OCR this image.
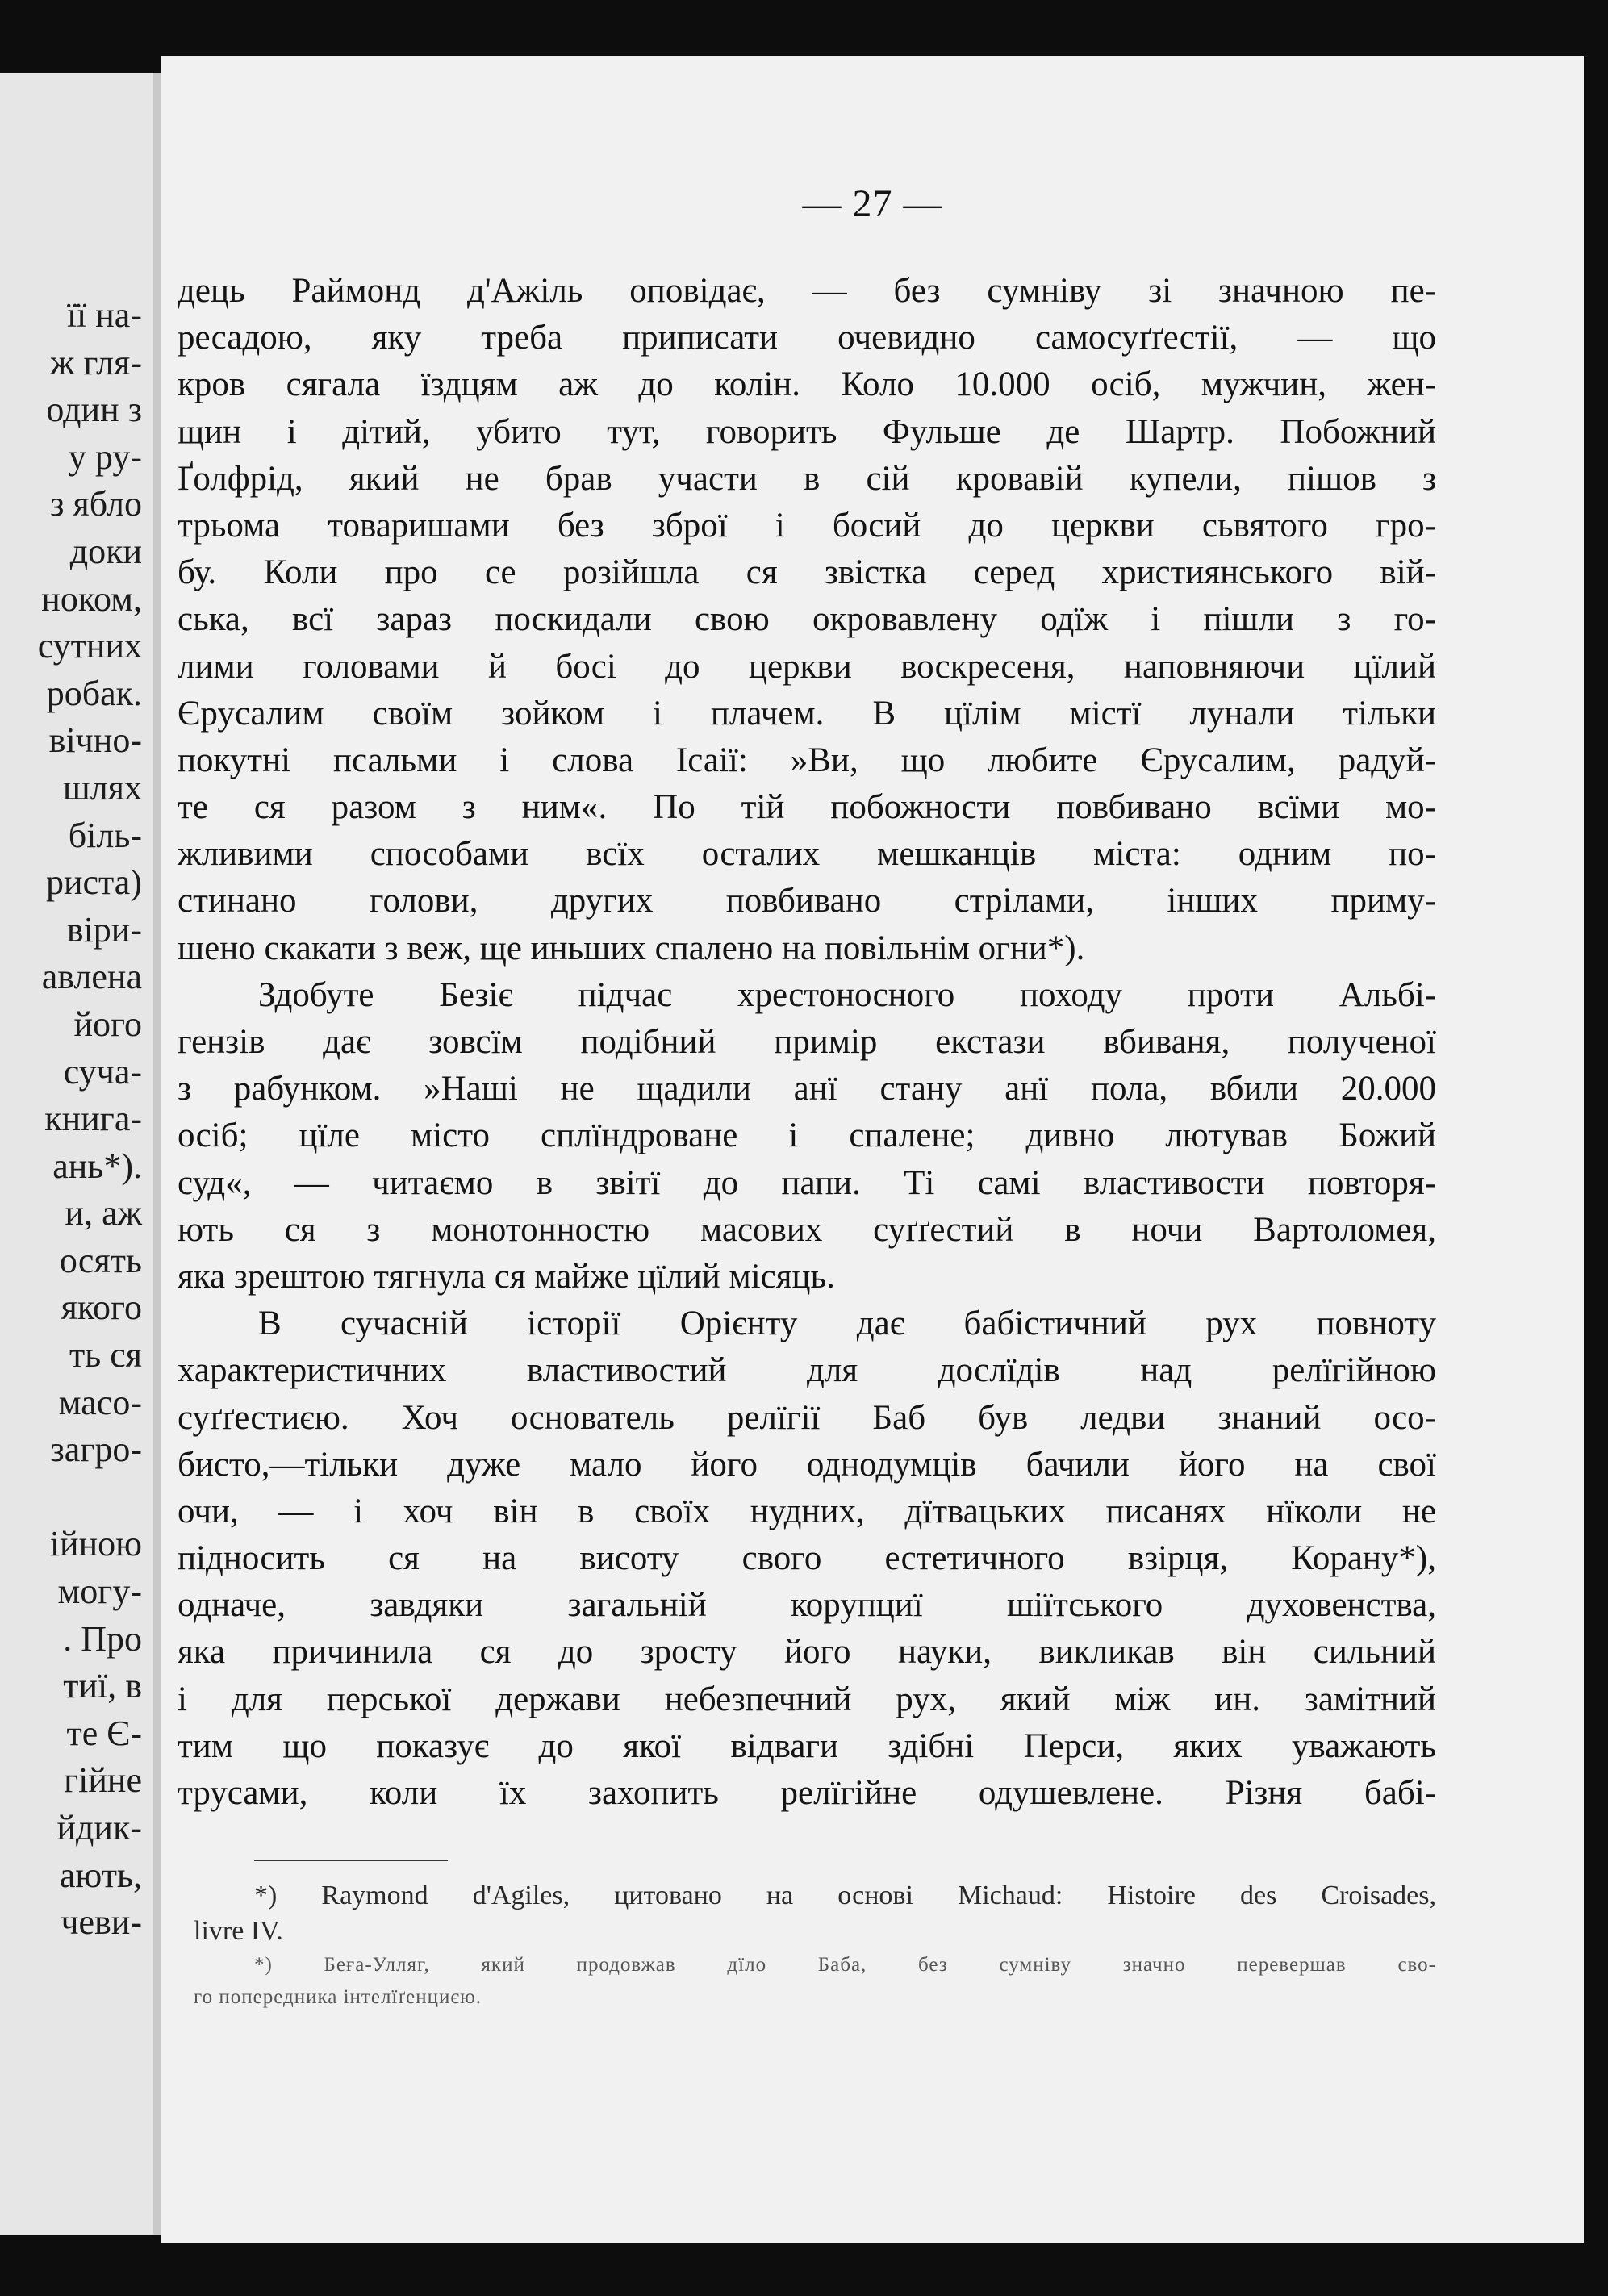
її на-
ж гля-
один з
у ру-
з ябло
доки
ноком,
сутних
робак.
вічно-
шлях
біль-
риста)
віри-
авлена
його
суча-
книга-
ань*).
и, аж
осять
якого
ть ся
масо-
загро-
ійною
могу-
. Про
тиї, в
те Є-
гійне
йдик-
ають,
чеви-
— 27 —
дець Раймонд д'Ажіль оповідає, — без сумніву зі значною пе-
ресадою, яку треба приписати очевидно самосуґґестії, — що
кров сягала їздцям аж до колін. Коло 10.000 осіб, мужчин, жен-
щин і дітий, убито тут, говорить Фульше де Шартр. Побожний
Ґолфрід, який не брав участи в сій кровавій купели, пішов з
трьома товаришами без зброї і босий до церкви сьвятого гро-
бу. Коли про се розійшла ся звістка серед християнського вій-
ська, всї зараз поскидали свою окровавлену одїж і пішли з го-
лими головами й босі до церкви воскресеня, наповняючи цїлий
Єрусалим своїм зойком і плачем. В цїлім містї лунали тільки
покутні псальми і слова Ісаії: »Ви, що любите Єрусалим, радуй-
те ся разом з ним«. По тій побожности повбивано всїми мо-
жливими способами всїх осталих мешканців міста: одним по-
стинано голови, других повбивано стрілами, інших приму-
шено скакати з веж, ще иньших спалено на повільнім огни*).
Здобуте Безіє підчас хрестоносного походу проти Альбі-
гензів дає зовсїм подібний примір екстази вбиваня, полученої
з рабунком. »Наші не щадили анї стану анї пола, вбили 20.000
осіб; цїле місто сплїндроване і спалене; дивно лютував Божий
суд«, — читаємо в звітї до папи. Ті самі властивости повторя-
ють ся з монотонностю масових суґґестий в ночи Вартоломея,
яка зрештою тягнула ся майже цїлий місяць.
В сучасній історії Орієнту дає бабістичний рух повноту
характеристичних властивостий для дослїдів над релїгійною
суґґестиєю. Хоч основатель релїгії Баб був ледви знаний осо-
бисто,—тільки дуже мало його однодумців бачили його на свої
очи, — і хоч він в своїх нудних, дїтвацьких писанях нїколи не
підносить ся на висоту свого естетичного взірця, Корану*),
одначе, завдяки загальній корупциї шіїтського духовенства,
яка причинила ся до зросту його науки, викликав він сильний
і для перської держави небезпечний рух, який між ин. замітний
тим що показує до якої відваги здібні Перси, яких уважають
трусами, коли їх захопить релїгійне одушевлене. Різня бабі-
*) Raymond d'Agiles, цитовано на основі Michaud: Histoire des Croisades,
livre IV.
*) Беға-Улляг, який продовжав дїло Баба, без сумніву значно перевершав сво-
го попередника інтелїґенциєю.
